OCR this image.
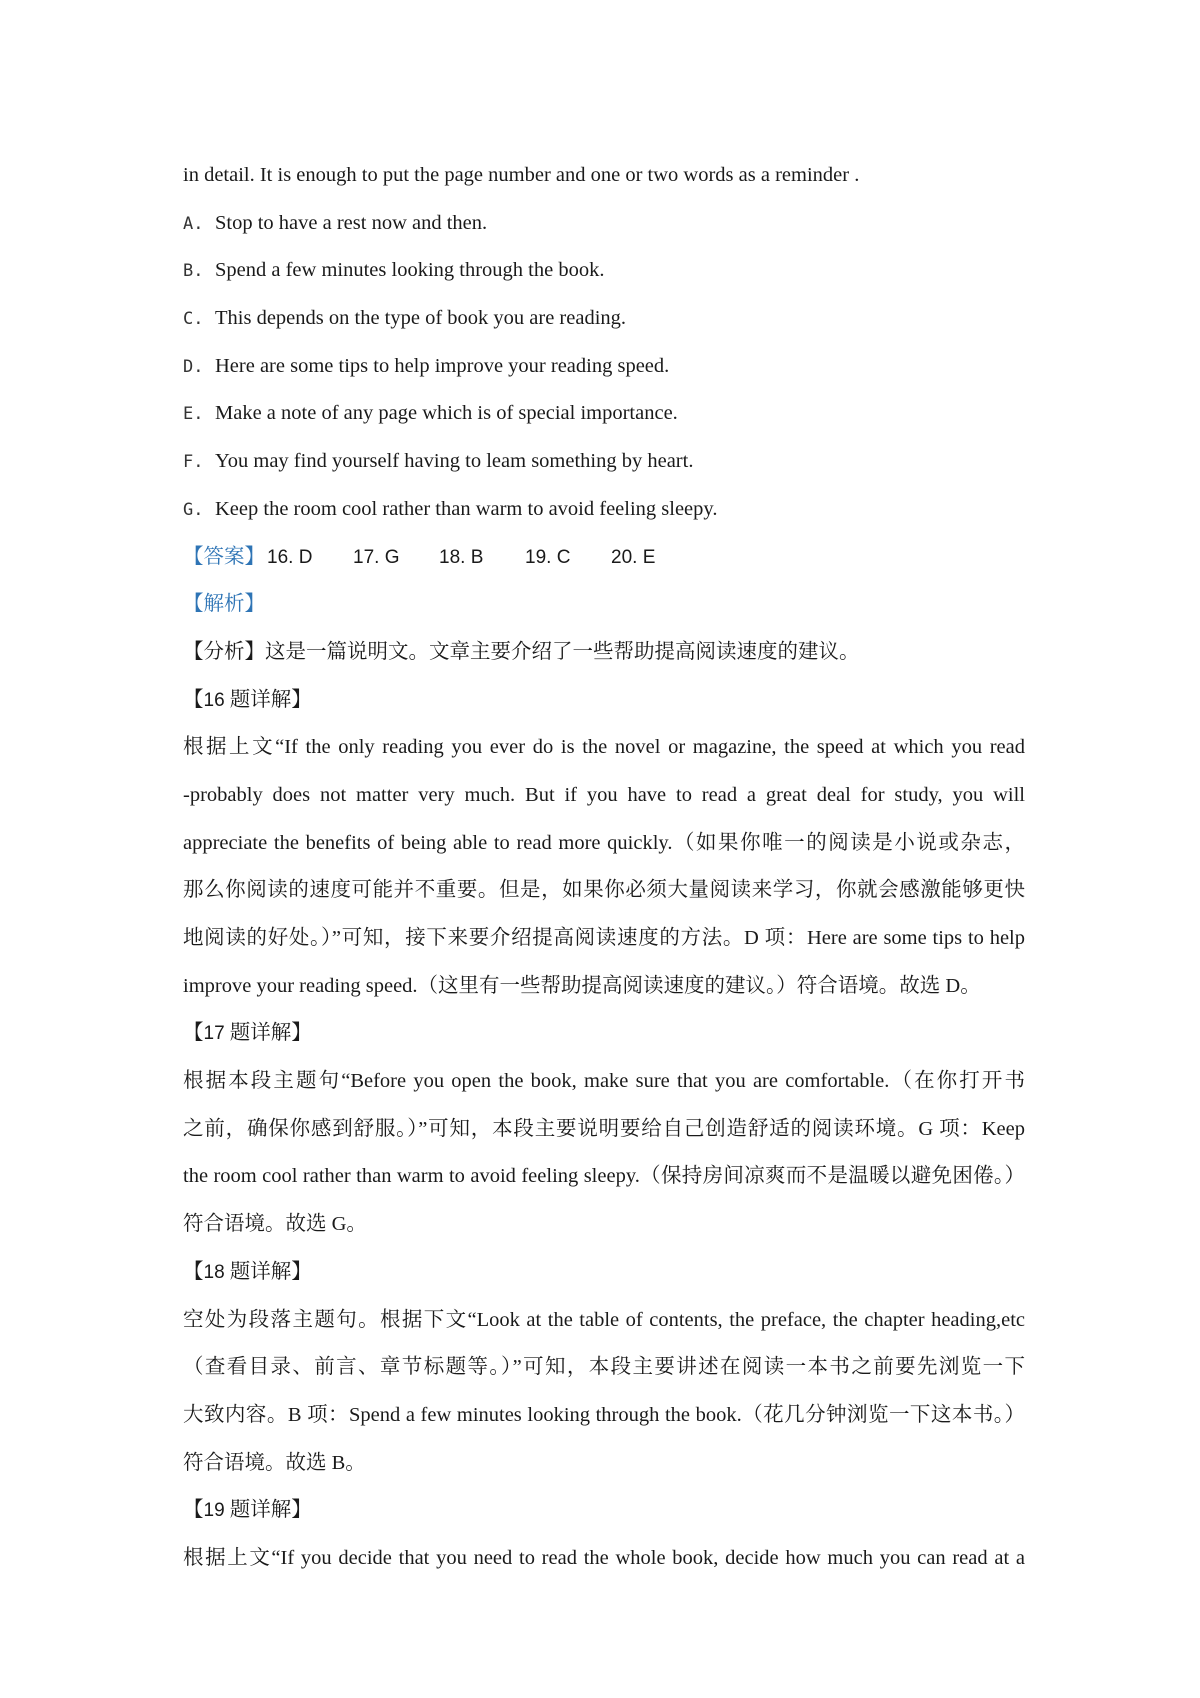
in detail. It is enough to put the page number and one or two words as a reminder .
A. Stop to have a rest now and then.
B. Spend a few minutes looking through the book.
C. This depends on the type of book you are reading.
D. Here are some tips to help improve your reading speed.
E. Make a note of any page which is of special importance.
F. You may find yourself having to leam something by heart.
G. Keep the room cool rather than warm to avoid feeling sleepy.
【答案】 16. D 17. G 18. B 19. C 20. E
【解析】
【分析】这是一篇说明文。文章主要介绍了一些帮助提高阅读速度的建议。
【16 题详解】
根据上文“If the only reading you ever do is the novel or magazine, the speed at which you read
-probably does not matter very much. But if you have to read a great deal for study, you will
appreciate the benefits of being able to read more quickly.（如果你唯一的阅读是小说或杂志，
那么你阅读的速度可能并不重要。但是，如果你必须大量阅读来学习，你就会感激能够更快
地阅读的好处。）”可知，接下来要介绍提高阅读速度的方法。D 项：Here are some tips to help
improve your reading speed.（这里有一些帮助提高阅读速度的建议。）符合语境。故选 D。
【17 题详解】
根据本段主题句“Before you open the book, make sure that you are comfortable.（在你打开书
之前，确保你感到舒服。）”可知，本段主要说明要给自己创造舒适的阅读环境。G 项：Keep
the room cool rather than warm to avoid feeling sleepy.（保持房间凉爽而不是温暖以避免困倦。）
符合语境。故选 G。
【18 题详解】
空处为段落主题句。根据下文“Look at the table of contents, the preface, the chapter heading,etc
（查看目录、前言、章节标题等。）”可知，本段主要讲述在阅读一本书之前要先浏览一下
大致内容。B 项：Spend a few minutes looking through the book.（花几分钟浏览一下这本书。）
符合语境。故选 B。
【19 题详解】
根据上文“If you decide that you need to read the whole book, decide how much you can read at a
